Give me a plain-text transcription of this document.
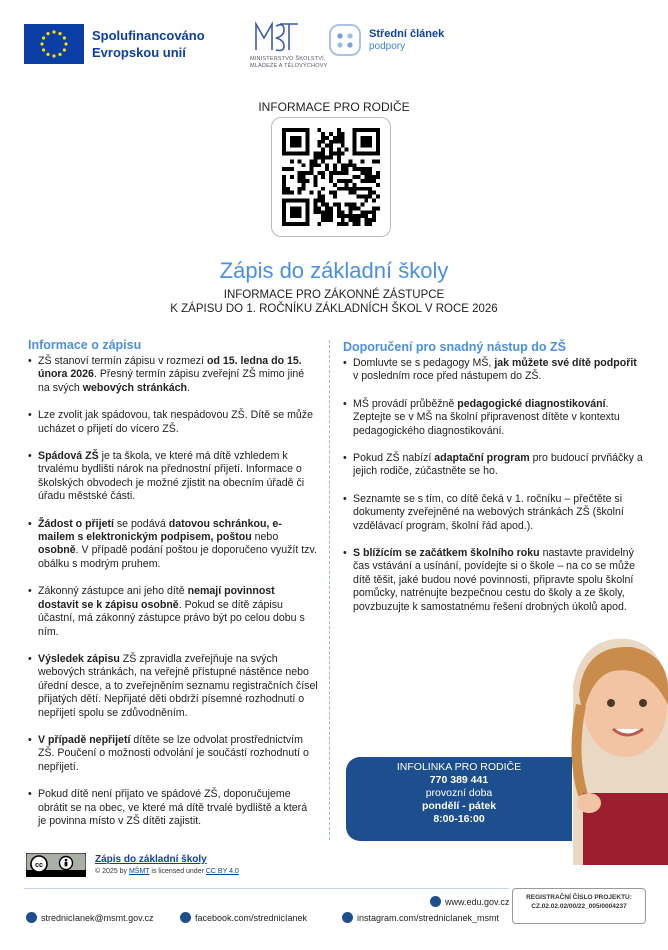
Spolufinancováno
Evropskou unií	MINISTERSTVO ŠKOLSTVÍ,
MLÁDEŽE A TĚLOVÝCHOVY
Střední článek
podpory
INFORMACE PRO RODIČE
Zápis do základní školy
INFORMACE PRO ZÁKONNÉ ZÁSTUPCE
K ZÁPISU DO 1. ROČNÍKU ZÁKLADNÍCH ŠKOL V ROCE 2026
Informace o zápisu
• ZŠ stanoví termín zápisu v rozmezí od 15. ledna do 15. února 2026. Přesný termín zápisu zveřejní ZŠ mimo jiné na svých webových stránkách.
• Lze zvolit jak spádovou, tak nespádovou ZŠ. Dítě se může ucházet o přijetí do vícero ZŠ.
• Spádová ZŠ je ta škola, ve které má dítě vzhledem k trvalému bydlišti nárok na přednostní přijetí. Informace o školských obvodech je možné zjistit na obecním úřadě či úřadu městské části.
• Žádost o přijetí se podává datovou schránkou, e-mailem s elektronickým podpisem, poštou nebo osobně. V případě podání poštou je doporučeno využít tzv. obálku s modrým pruhem.
• Zákonný zástupce ani jeho dítě nemají povinnost dostavit se k zápisu osobně. Pokud se dítě zápisu účastní, má zákonný zástupce právo být po celou dobu s ním.
• Výsledek zápisu ZŠ zpravidla zveřejňuje na svých webových stránkách, na veřejně přístupné nástěnce nebo úřední desce, a to zveřejněním seznamu registračních čísel přijatých dětí. Nepřijaté děti obdrží písemné rozhodnutí o nepřijetí spolu se zdůvodněním.
• V případě nepřijetí dítěte se lze odvolat prostřednictvím ZŠ. Poučení o možnosti odvolání je součástí rozhodnutí o nepřijetí.
• Pokud dítě není přijato ve spádové ZŠ, doporučujeme obrátit se na obec, ve které má dítě trvalé bydliště a která je povinna místo v ZŠ dítěti zajistit.
Doporučení pro snadný nástup do ZŠ
• Domluvte se s pedagogy MŠ, jak můžete své dítě podpořit v posledním roce před nástupem do ZŠ.
• MŠ provádí průběžně pedagogické diagnostikování. Zeptejte se v MŠ na školní připravenost dítěte v kontextu pedagogického diagnostikování.
• Pokud ZŠ nabízí adaptační program pro budoucí prvňáčky a jejich rodiče, zúčastněte se ho.
• Seznamte se s tím, co dítě čeká v 1. ročníku – přečtěte si dokumenty zveřejněné na webových stránkách ZŠ (školní vzdělávací program, školní řád apod.).
• S blížícím se začátkem školního roku nastavte pravidelný čas vstávání a usínání, povídejte si o škole – na co se může dítě těšit, jaké budou nové povinnosti, připravte spolu školní pomůcky, natrénujte bezpečnou cestu do školy a ze školy, povzbuzujte k samostatnému řešení drobných úkolů apod.
INFOLINKA PRO RODIČE
770 389 441
provozní doba
pondělí - pátek
8:00-16:00
cc
Zápis do základní školy
© 2025 by MŠMT is licensed under CC BY 4.0
www.edu.gov.cz	REGISTRAČNÍ ČÍSLO PROJEKTU:
CZ.02.02.02/00/22_005/0004237
strednicIanek@msmt.gov.cz	facebook.com/strednicIanek	instagram.com/strednicIanek_msmt
